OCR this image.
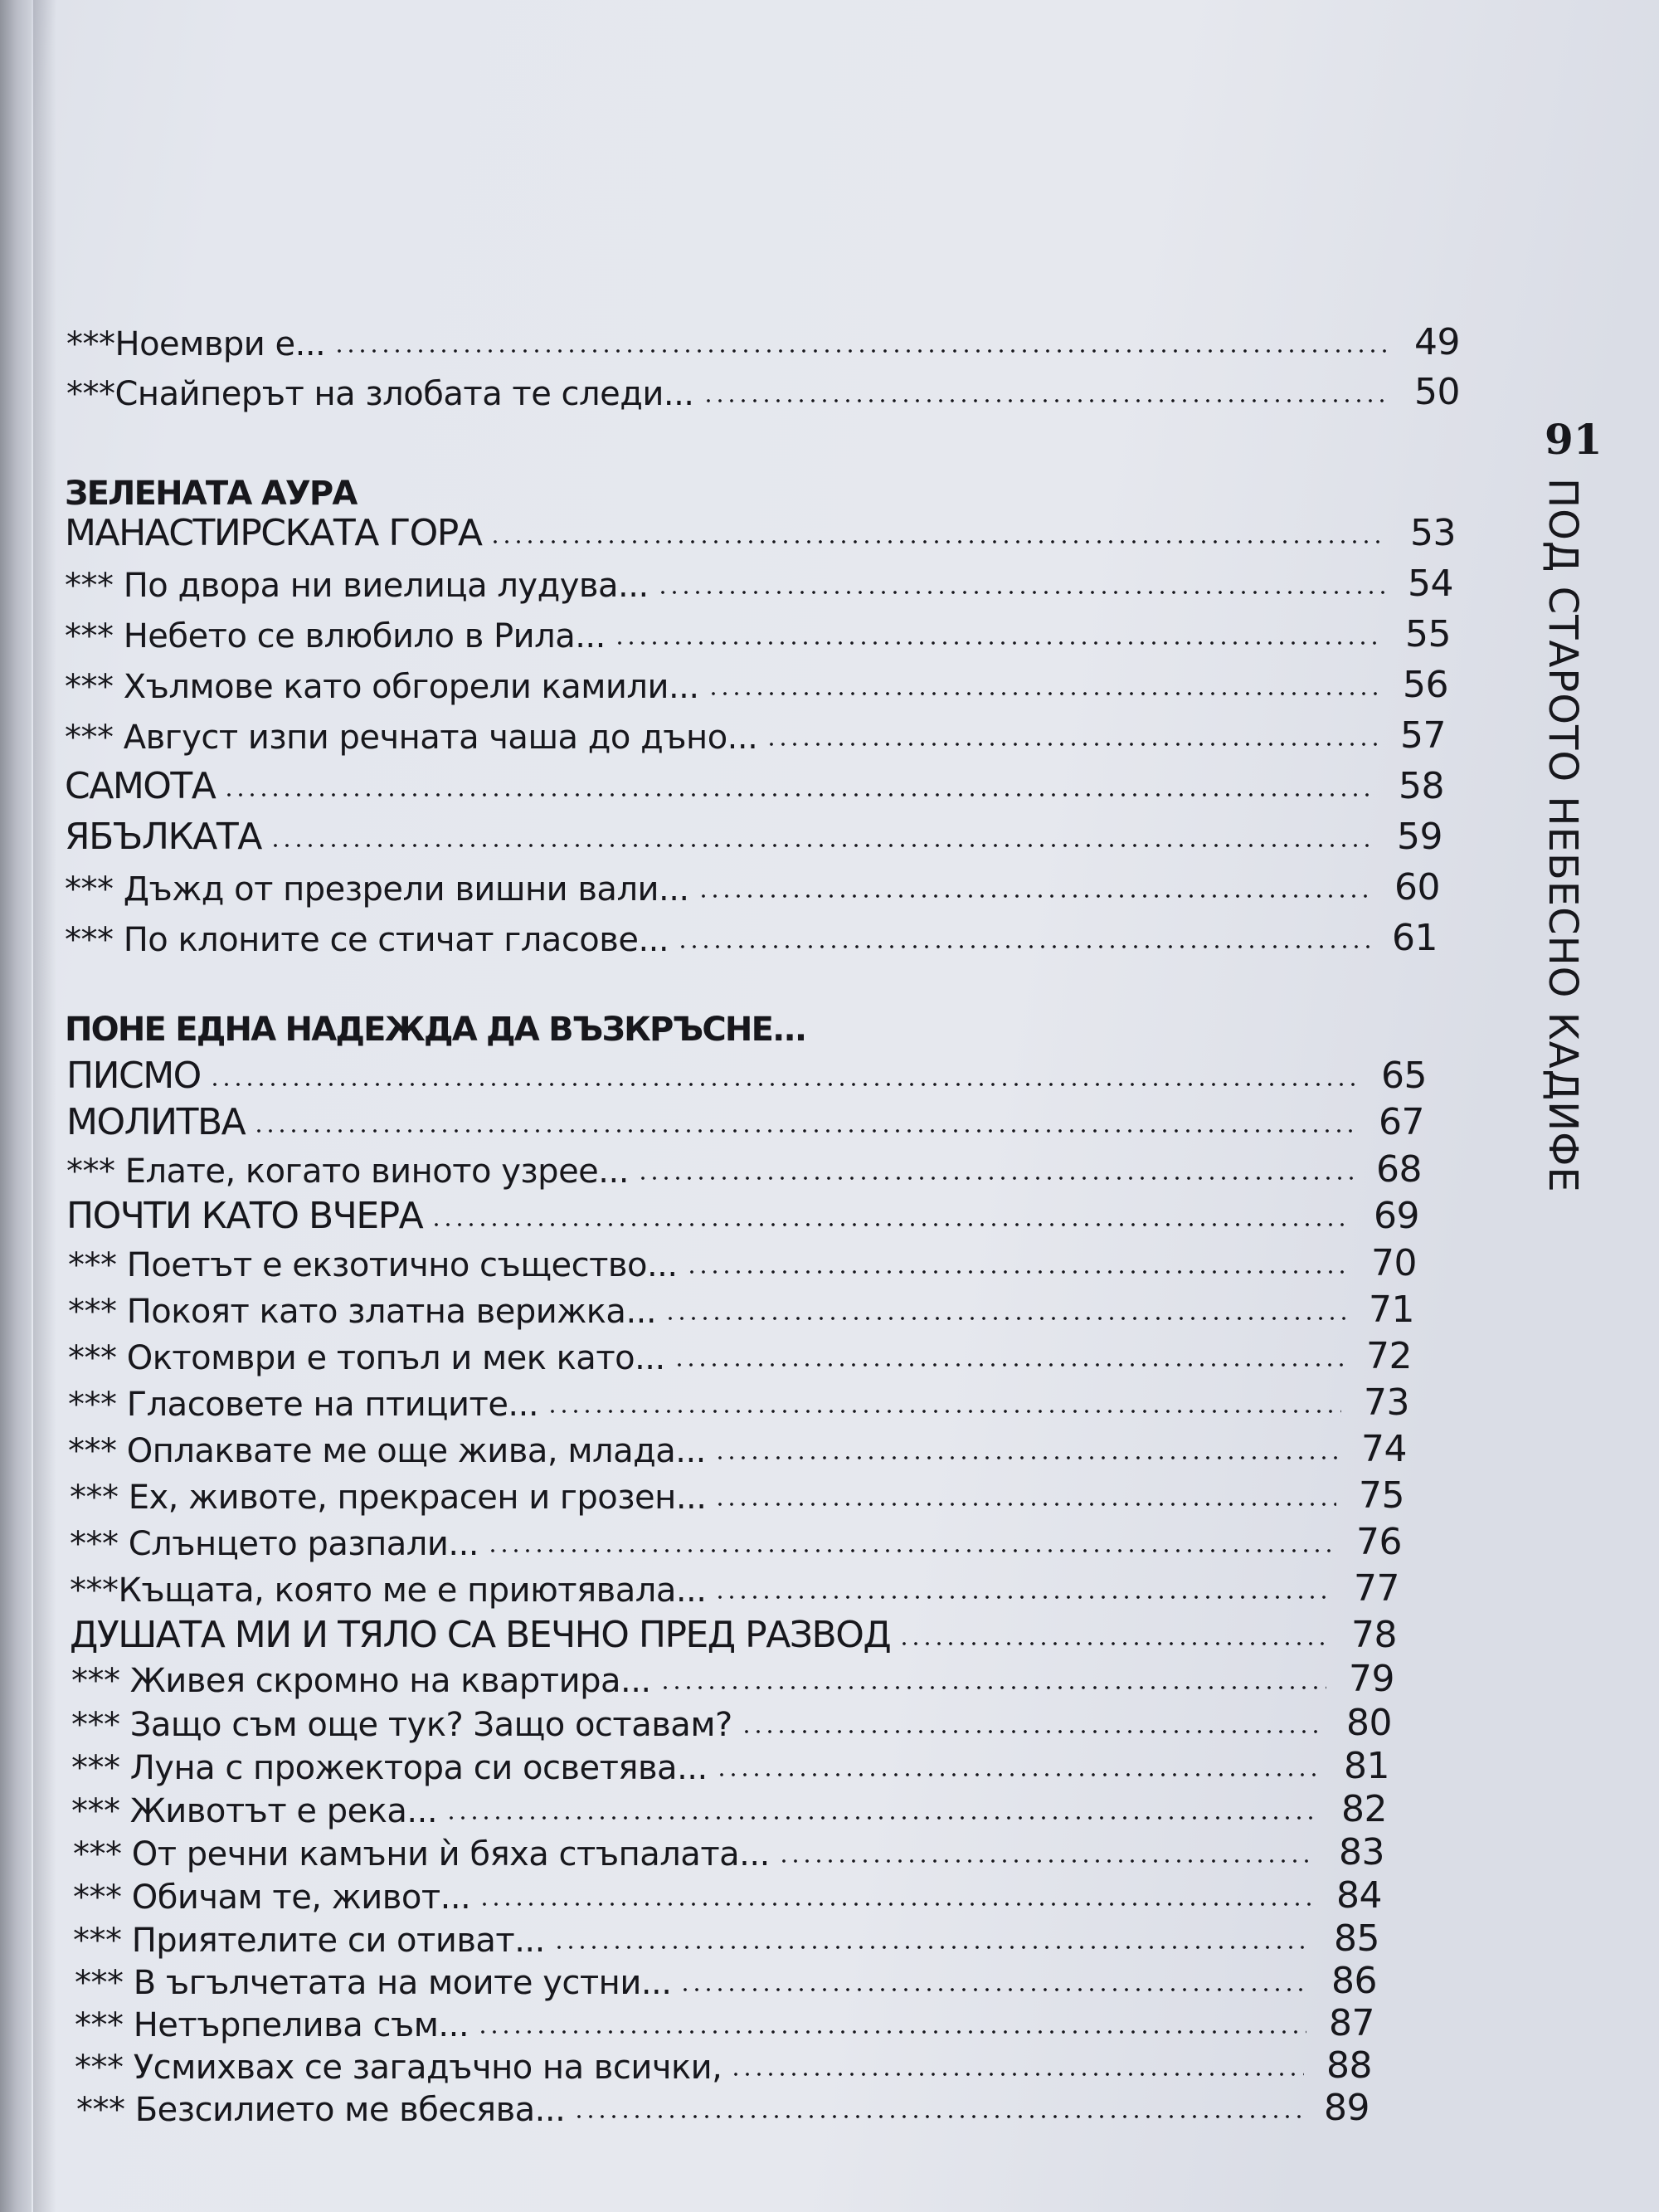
***Ноември е...	49
***Снайперът на злобата те следи...	50
ЗЕЛЕНАТА АУРА
МАНАСТИРСКАТА ГОРА	53
*** По двора ни виелица лудува...	54
*** Небето се влюбило в Рила...	55
*** Хълмове като обгорели камили...	56
*** Август изпи речната чаша до дъно...	57
САМОТА	58
ЯБЪЛКАТА	59
*** Дъжд от презрели вишни вали...	60
*** По клоните се стичат гласове...	61
ПОНЕ ЕДНА НАДЕЖДА ДА ВЪЗКРЪСНЕ...
ПИСМО	65
МОЛИТВА	67
*** Елате, когато виното узрее...	68
ПОЧТИ КАТО ВЧЕРА	69
*** Поетът е екзотично същество...	70
*** Покоят като златна верижка...	71
*** Октомври е топъл и мек като...	72
*** Гласовете на птиците...	73
*** Оплаквате ме още жива, млада...	74
*** Ех, животе, прекрасен и грозен...	75
*** Слънцето разпали...	76
***Къщата, която ме е приютявала...	77
ДУШАТА МИ И ТЯЛО СА ВЕЧНО ПРЕД РАЗВОД	78
*** Живея скромно на квартира...	79
*** Защо съм още тук? Защо оставам?	80
*** Луна с прожектора си осветява...	81
*** Животът е река...	82
*** От речни камъни ѝ бяха стъпалата...	83
*** Обичам те, живот...	84
*** Приятелите си отиват...	85
*** В ъгълчетата на моите устни...	86
*** Нетърпелива съм...	87
*** Усмихвах се загадъчно на всички,	88
*** Безсилието ме вбесява...	89
91
ПОД СТАРОТО НЕБЕСНО КАДИФЕ
